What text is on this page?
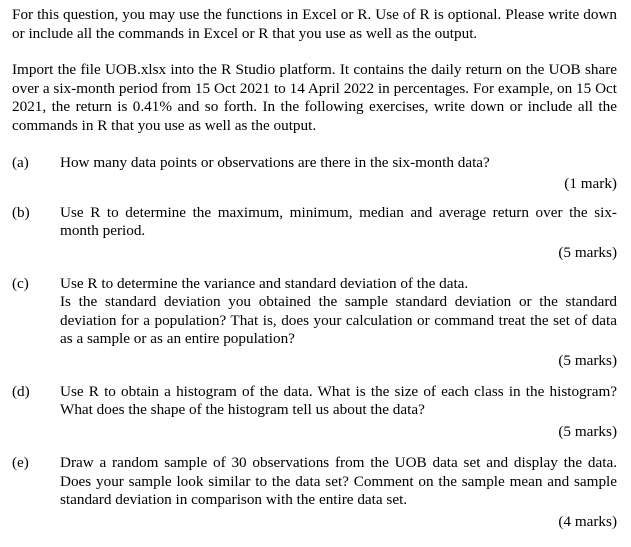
For this question, you may use the functions in Excel or R. Use of R is optional. Please write down or include all the commands in Excel or R that you use as well as the output.

Import the file UOB.xlsx into the R Studio platform. It contains the daily return on the UOB share over a six-month period from 15 Oct 2021 to 14 April 2022 in percentages. For example, on 15 Oct 2021, the return is 0.41% and so forth. In the following exercises, write down or include all the commands in R that you use as well as the output.

(a) How many data points or observations are there in the six-month data?

(1 mark)
(b) Use R to determine the maximum, minimum, median and average return over the six-month period.

(5 marks)
(c) Use R to determine the variance and standard deviation of the data.

Is the standard deviation you obtained the sample standard deviation or the standard deviation for a population? That is, does your calculation or command treat the set of data as a sample or as an entire population?

(5 marks)
(d) Use R to obtain a histogram of the data. What is the size of each class in the histogram? What does the shape of the histogram tell us about the data?

(5 marks)
(e) Draw a random sample of 30 observations from the UOB data set and display the data. Does your sample look similar to the data set? Comment on the sample mean and sample standard deviation in comparison with the entire data set.

(4 marks)
